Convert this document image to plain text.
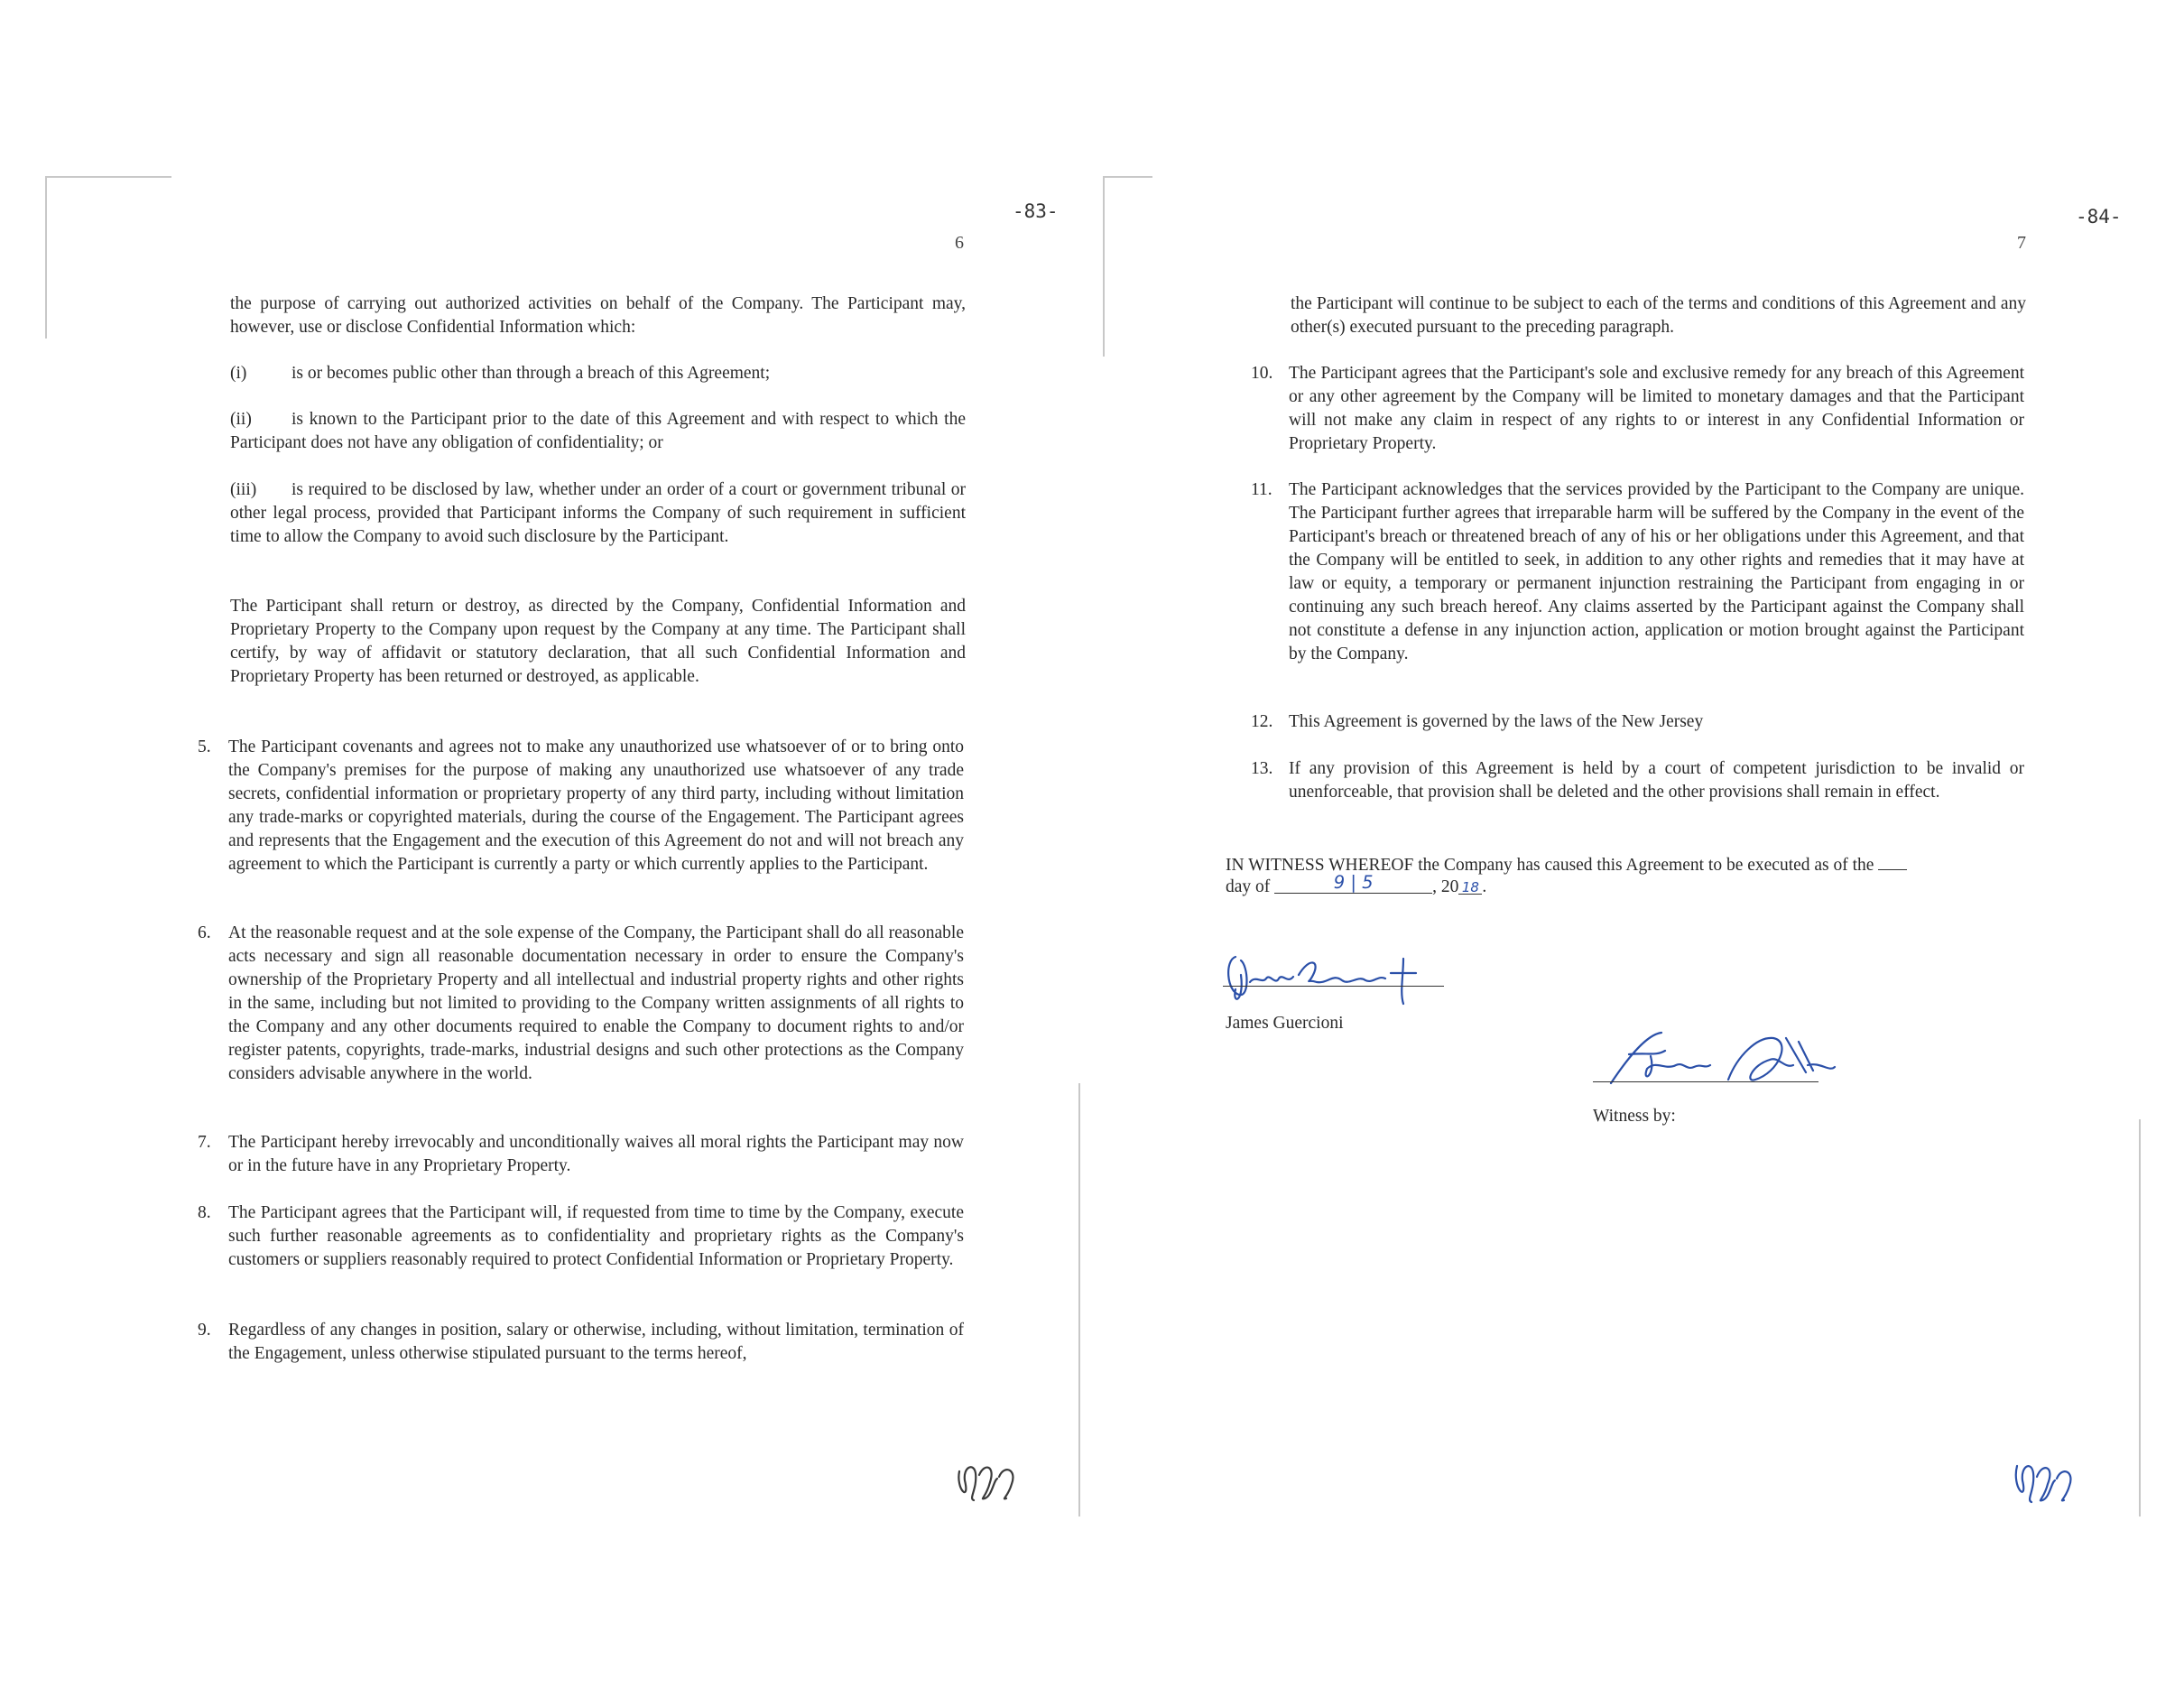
-83-
6

the purpose of carrying out authorized activities on behalf of the Company. The Participant may, however, use or disclose Confidential Information which:

(i)	is or becomes public other than through a breach of this Agreement;

(ii) is known to the Participant prior to the date of this Agreement and with respect to which the Participant does not have any obligation of confidentiality; or

(iii) is required to be disclosed by law, whether under an order of a court or government tribunal or other legal process, provided that Participant informs the Company of such requirement in sufficient time to allow the Company to avoid such disclosure by the Participant.

The Participant shall return or destroy, as directed by the Company, Confidential Information and Proprietary Property to the Company upon request by the Company at any time. The Participant shall certify, by way of affidavit or statutory declaration, that all such Confidential Information and Proprietary Property has been returned or destroyed, as applicable.

5. The Participant covenants and agrees not to make any unauthorized use whatsoever of or to bring onto the Company's premises for the purpose of making any unauthorized use whatsoever of any trade secrets, confidential information or proprietary property of any third party, including without limitation any trade-marks or copyrighted materials, during the course of the Engagement. The Participant agrees and represents that the Engagement and the execution of this Agreement do not and will not breach any agreement to which the Participant is currently a party or which currently applies to the Participant.
6. At the reasonable request and at the sole expense of the Company, the Participant shall do all reasonable acts necessary and sign all reasonable documentation necessary in order to ensure the Company's ownership of the Proprietary Property and all intellectual and industrial property rights and other rights in the same, including but not limited to providing to the Company written assignments of all rights to the Company and any other documents required to enable the Company to document rights to and/or register patents, copyrights, trade-marks, industrial designs and such other protections as the Company considers advisable anywhere in the world.
7. The Participant hereby irrevocably and unconditionally waives all moral rights the Participant may now or in the future have in any Proprietary Property.
8. The Participant agrees that the Participant will, if requested from time to time by the Company, execute such further reasonable agreements as to confidentiality and proprietary rights as the Company's customers or suppliers reasonably required to protect Confidential Information or Proprietary Property.
9. Regardless of any changes in position, salary or otherwise, including, without limitation, termination of the Engagement, unless otherwise stipulated pursuant to the terms hereof,
-84-
7

the Participant will continue to be subject to each of the terms and conditions of this Agreement and any other(s) executed pursuant to the preceding paragraph.

10. The Participant agrees that the Participant's sole and exclusive remedy for any breach of this Agreement or any other agreement by the Company will be limited to monetary damages and that the Participant will not make any claim in respect of any rights to or interest in any Confidential Information or Proprietary Property.
11. The Participant acknowledges that the services provided by the Participant to the Company are unique. The Participant further agrees that irreparable harm will be suffered by the Company in the event of the Participant's breach or threatened breach of any of his or her obligations under this Agreement, and that the Company will be entitled to seek, in addition to any other rights and remedies that it may have at law or equity, a temporary or permanent injunction restraining the Participant from engaging in or continuing any such breach hereof. Any claims asserted by the Participant against the Company shall not constitute a defense in any injunction action, application or motion brought against the Participant by the Company.
12. This Agreement is governed by the laws of the New Jersey
13. If any provision of this Agreement is held by a court of competent jurisdiction to be invalid or unenforceable, that provision shall be deleted and the other provisions shall remain in effect.

IN WITNESS WHEREOF the Company has caused this Agreement to be executed as of the

day of	9 | 5	, 20 18 .

James Guercioni
Witness by:
